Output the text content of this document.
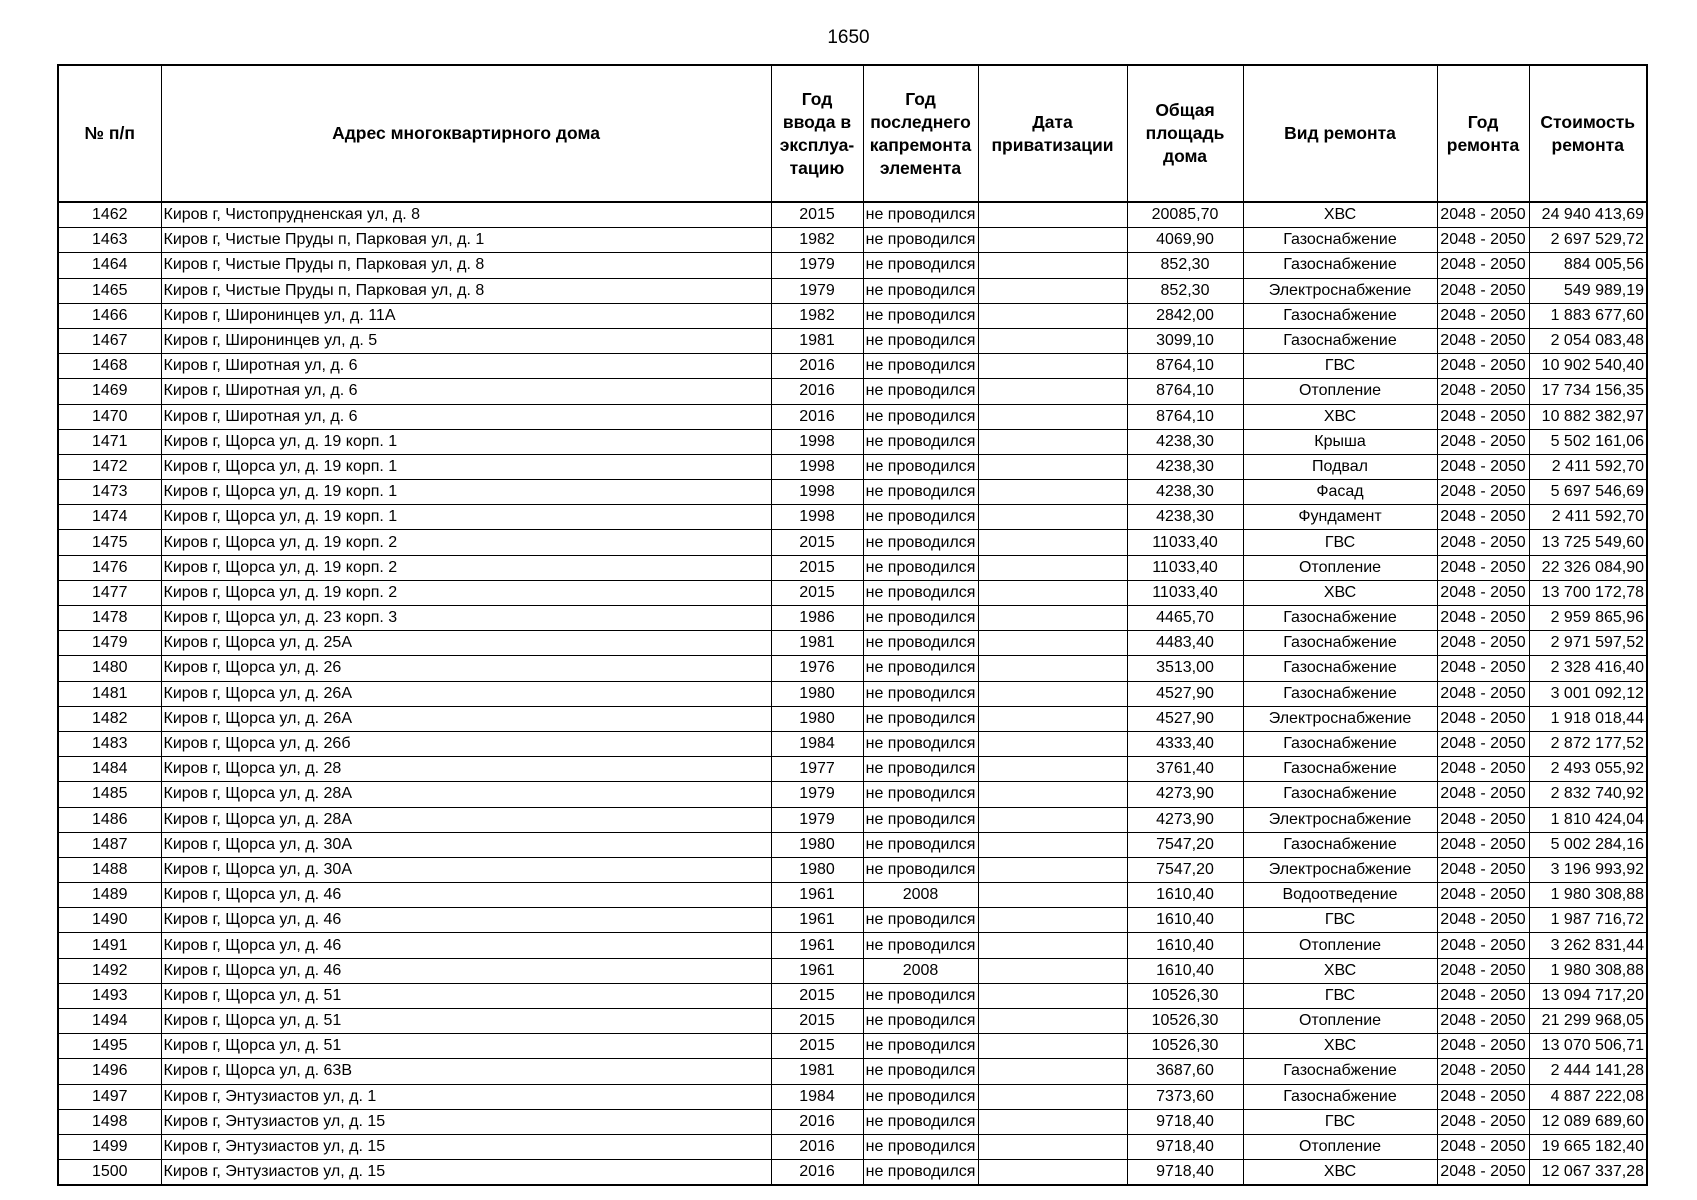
1650
№ п/п	Адрес многоквартирного дома	Год ввода в эксплуа- тацию	Год последнего капремонта элемента	Дата приватизации	Общая площадь дома	Вид ремонта	Год ремонта	Стоимость ремонта
1462	Киров г, Чистопрудненская ул, д. 8	2015	не проводился		20085,70	ХВС	2048 - 2050	24 940 413,69
1463	Киров г, Чистые Пруды п, Парковая ул, д. 1	1982	не проводился		4069,90	Газоснабжение	2048 - 2050	2 697 529,72
1464	Киров г, Чистые Пруды п, Парковая ул, д. 8	1979	не проводился		852,30	Газоснабжение	2048 - 2050	884 005,56
1465	Киров г, Чистые Пруды п, Парковая ул, д. 8	1979	не проводился		852,30	Электроснабжение	2048 - 2050	549 989,19
1466	Киров г, Широнинцев ул, д. 11А	1982	не проводился		2842,00	Газоснабжение	2048 - 2050	1 883 677,60
1467	Киров г, Широнинцев ул, д. 5	1981	не проводился		3099,10	Газоснабжение	2048 - 2050	2 054 083,48
1468	Киров г, Широтная ул, д. 6	2016	не проводился		8764,10	ГВС	2048 - 2050	10 902 540,40
1469	Киров г, Широтная ул, д. 6	2016	не проводился		8764,10	Отопление	2048 - 2050	17 734 156,35
1470	Киров г, Широтная ул, д. 6	2016	не проводился		8764,10	ХВС	2048 - 2050	10 882 382,97
1471	Киров г, Щорса ул, д. 19 корп. 1	1998	не проводился		4238,30	Крыша	2048 - 2050	5 502 161,06
1472	Киров г, Щорса ул, д. 19 корп. 1	1998	не проводился		4238,30	Подвал	2048 - 2050	2 411 592,70
1473	Киров г, Щорса ул, д. 19 корп. 1	1998	не проводился		4238,30	Фасад	2048 - 2050	5 697 546,69
1474	Киров г, Щорса ул, д. 19 корп. 1	1998	не проводился		4238,30	Фундамент	2048 - 2050	2 411 592,70
1475	Киров г, Щорса ул, д. 19 корп. 2	2015	не проводился		11033,40	ГВС	2048 - 2050	13 725 549,60
1476	Киров г, Щорса ул, д. 19 корп. 2	2015	не проводился		11033,40	Отопление	2048 - 2050	22 326 084,90
1477	Киров г, Щорса ул, д. 19 корп. 2	2015	не проводился		11033,40	ХВС	2048 - 2050	13 700 172,78
1478	Киров г, Щорса ул, д. 23 корп. 3	1986	не проводился		4465,70	Газоснабжение	2048 - 2050	2 959 865,96
1479	Киров г, Щорса ул, д. 25А	1981	не проводился		4483,40	Газоснабжение	2048 - 2050	2 971 597,52
1480	Киров г, Щорса ул, д. 26	1976	не проводился		3513,00	Газоснабжение	2048 - 2050	2 328 416,40
1481	Киров г, Щорса ул, д. 26А	1980	не проводился		4527,90	Газоснабжение	2048 - 2050	3 001 092,12
1482	Киров г, Щорса ул, д. 26А	1980	не проводился		4527,90	Электроснабжение	2048 - 2050	1 918 018,44
1483	Киров г, Щорса ул, д. 26б	1984	не проводился		4333,40	Газоснабжение	2048 - 2050	2 872 177,52
1484	Киров г, Щорса ул, д. 28	1977	не проводился		3761,40	Газоснабжение	2048 - 2050	2 493 055,92
1485	Киров г, Щорса ул, д. 28А	1979	не проводился		4273,90	Газоснабжение	2048 - 2050	2 832 740,92
1486	Киров г, Щорса ул, д. 28А	1979	не проводился		4273,90	Электроснабжение	2048 - 2050	1 810 424,04
1487	Киров г, Щорса ул, д. 30А	1980	не проводился		7547,20	Газоснабжение	2048 - 2050	5 002 284,16
1488	Киров г, Щорса ул, д. 30А	1980	не проводился		7547,20	Электроснабжение	2048 - 2050	3 196 993,92
1489	Киров г, Щорса ул, д. 46	1961	2008		1610,40	Водоотведение	2048 - 2050	1 980 308,88
1490	Киров г, Щорса ул, д. 46	1961	не проводился		1610,40	ГВС	2048 - 2050	1 987 716,72
1491	Киров г, Щорса ул, д. 46	1961	не проводился		1610,40	Отопление	2048 - 2050	3 262 831,44
1492	Киров г, Щорса ул, д. 46	1961	2008		1610,40	ХВС	2048 - 2050	1 980 308,88
1493	Киров г, Щорса ул, д. 51	2015	не проводился		10526,30	ГВС	2048 - 2050	13 094 717,20
1494	Киров г, Щорса ул, д. 51	2015	не проводился		10526,30	Отопление	2048 - 2050	21 299 968,05
1495	Киров г, Щорса ул, д. 51	2015	не проводился		10526,30	ХВС	2048 - 2050	13 070 506,71
1496	Киров г, Щорса ул, д. 63В	1981	не проводился		3687,60	Газоснабжение	2048 - 2050	2 444 141,28
1497	Киров г, Энтузиастов ул, д. 1	1984	не проводился		7373,60	Газоснабжение	2048 - 2050	4 887 222,08
1498	Киров г, Энтузиастов ул, д. 15	2016	не проводился		9718,40	ГВС	2048 - 2050	12 089 689,60
1499	Киров г, Энтузиастов ул, д. 15	2016	не проводился		9718,40	Отопление	2048 - 2050	19 665 182,40
1500	Киров г, Энтузиастов ул, д. 15	2016	не проводился		9718,40	ХВС	2048 - 2050	12 067 337,28
